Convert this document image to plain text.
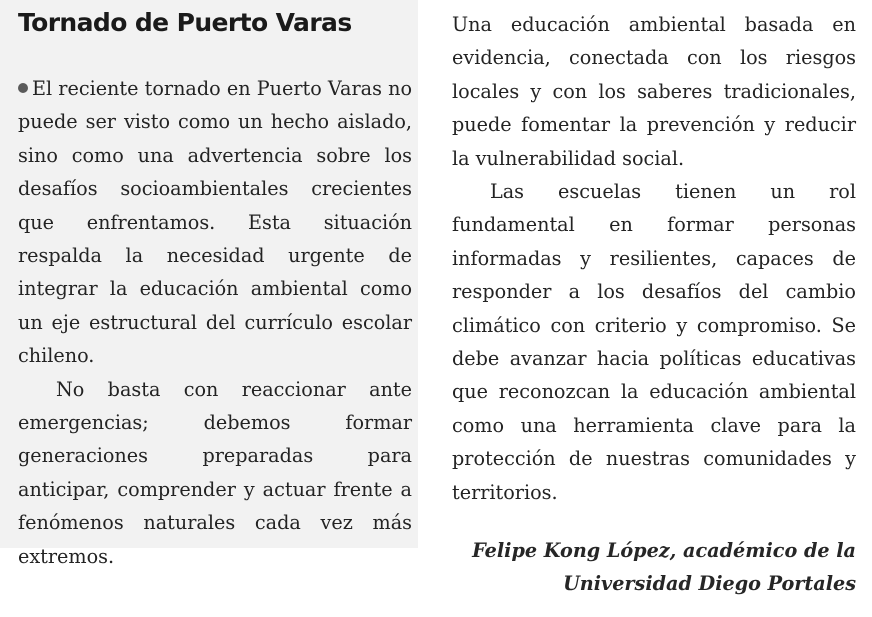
Tornado de Puerto Varas

El reciente tornado en Puerto Varas no puede ser visto como un hecho aislado, sino como una advertencia sobre los desafíos socioambientales crecientes que enfrentamos. Esta situación respalda la necesidad urgente de integrar la educación ambiental como un eje estructural del currículo escolar chileno.

No basta con reaccionar ante emergencias; debemos formar generaciones preparadas para anticipar, comprender y actuar frente a fenómenos naturales cada vez más extremos.

Una educación ambiental basada en evidencia, conectada con los riesgos locales y con los saberes tradicionales, puede fomentar la prevención y reducir la vulnerabilidad social.

Las escuelas tienen un rol fundamental en formar personas informadas y resilientes, capaces de responder a los desafíos del cambio climático con criterio y compromiso. Se debe avanzar hacia políticas educativas que reconozcan la educación ambiental como una herramienta clave para la protección de nuestras comunidades y territorios.

Felipe Kong López, académico de la
Universidad Diego Portales
